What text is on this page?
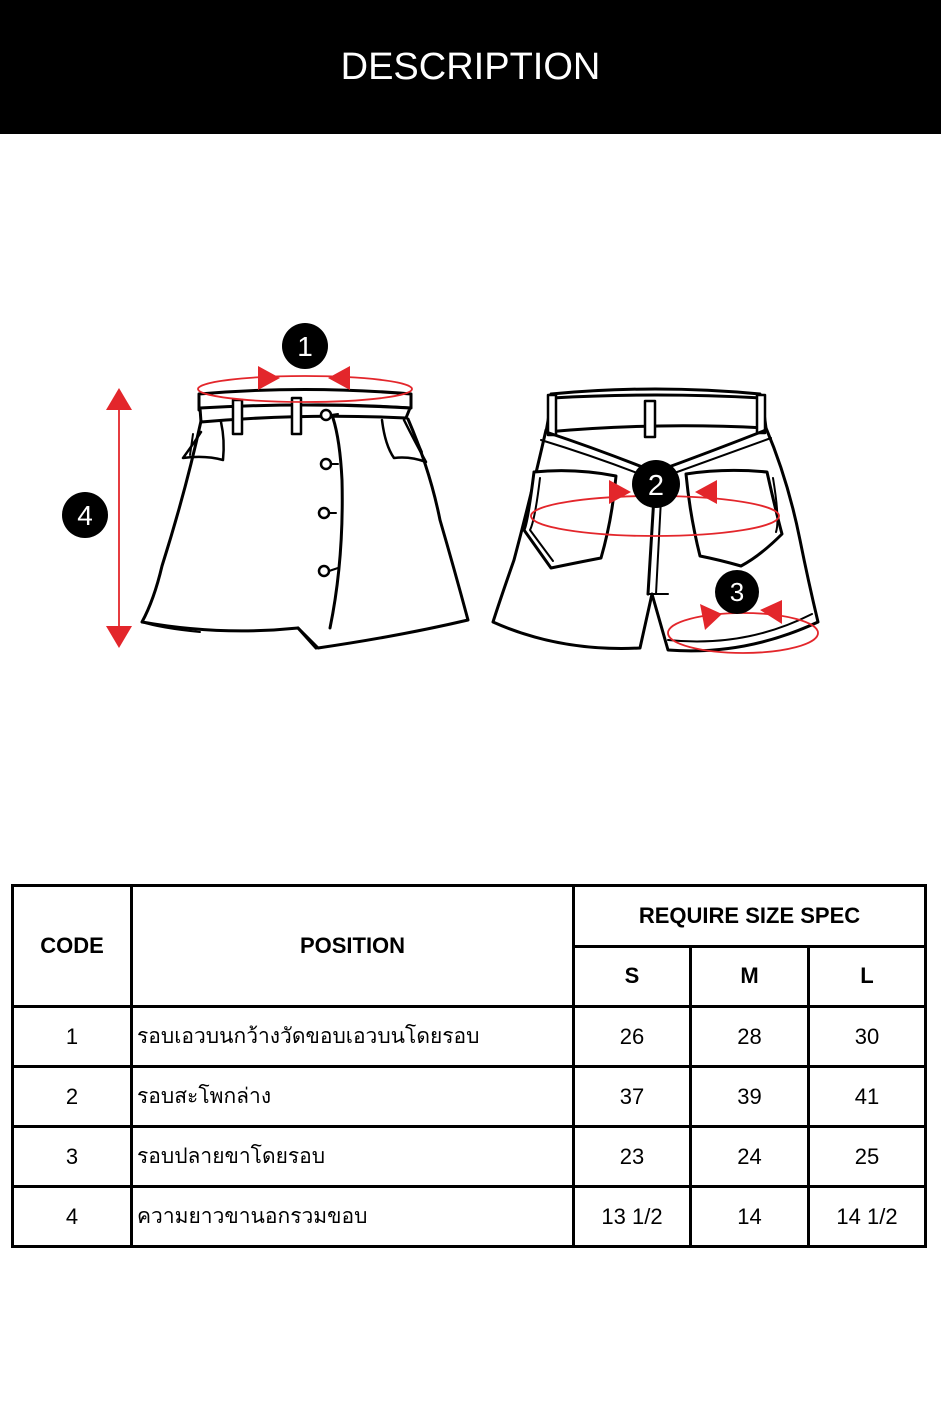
DESCRIPTION
1
4
2
3
CODE	POSITION	REQUIRE SIZE SPEC		
		S	M	L
1	รอบเอวบนกว้างวัดขอบเอวบนโดยรอบ	26	28	30
2	รอบสะโพกล่าง	37	39	41
3	รอบปลายขาโดยรอบ	23	24	25
4	ความยาวขานอกรวมขอบ	13 1/2	14	14 1/2
